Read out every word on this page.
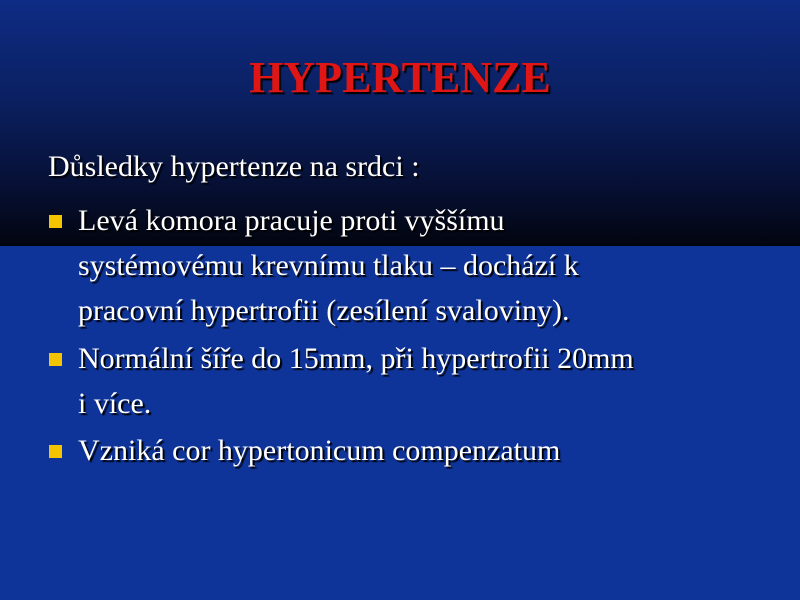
HYPERTENZE

Důsledky hypertenze na srdci :

Levá komora pracuje proti vyššímu
systémovému krevnímu tlaku – dochází k
pracovní hypertrofii (zesílení svaloviny).
Normální šíře do 15mm, při hypertrofii 20mm
i více.
Vzniká cor hypertonicum compenzatum
